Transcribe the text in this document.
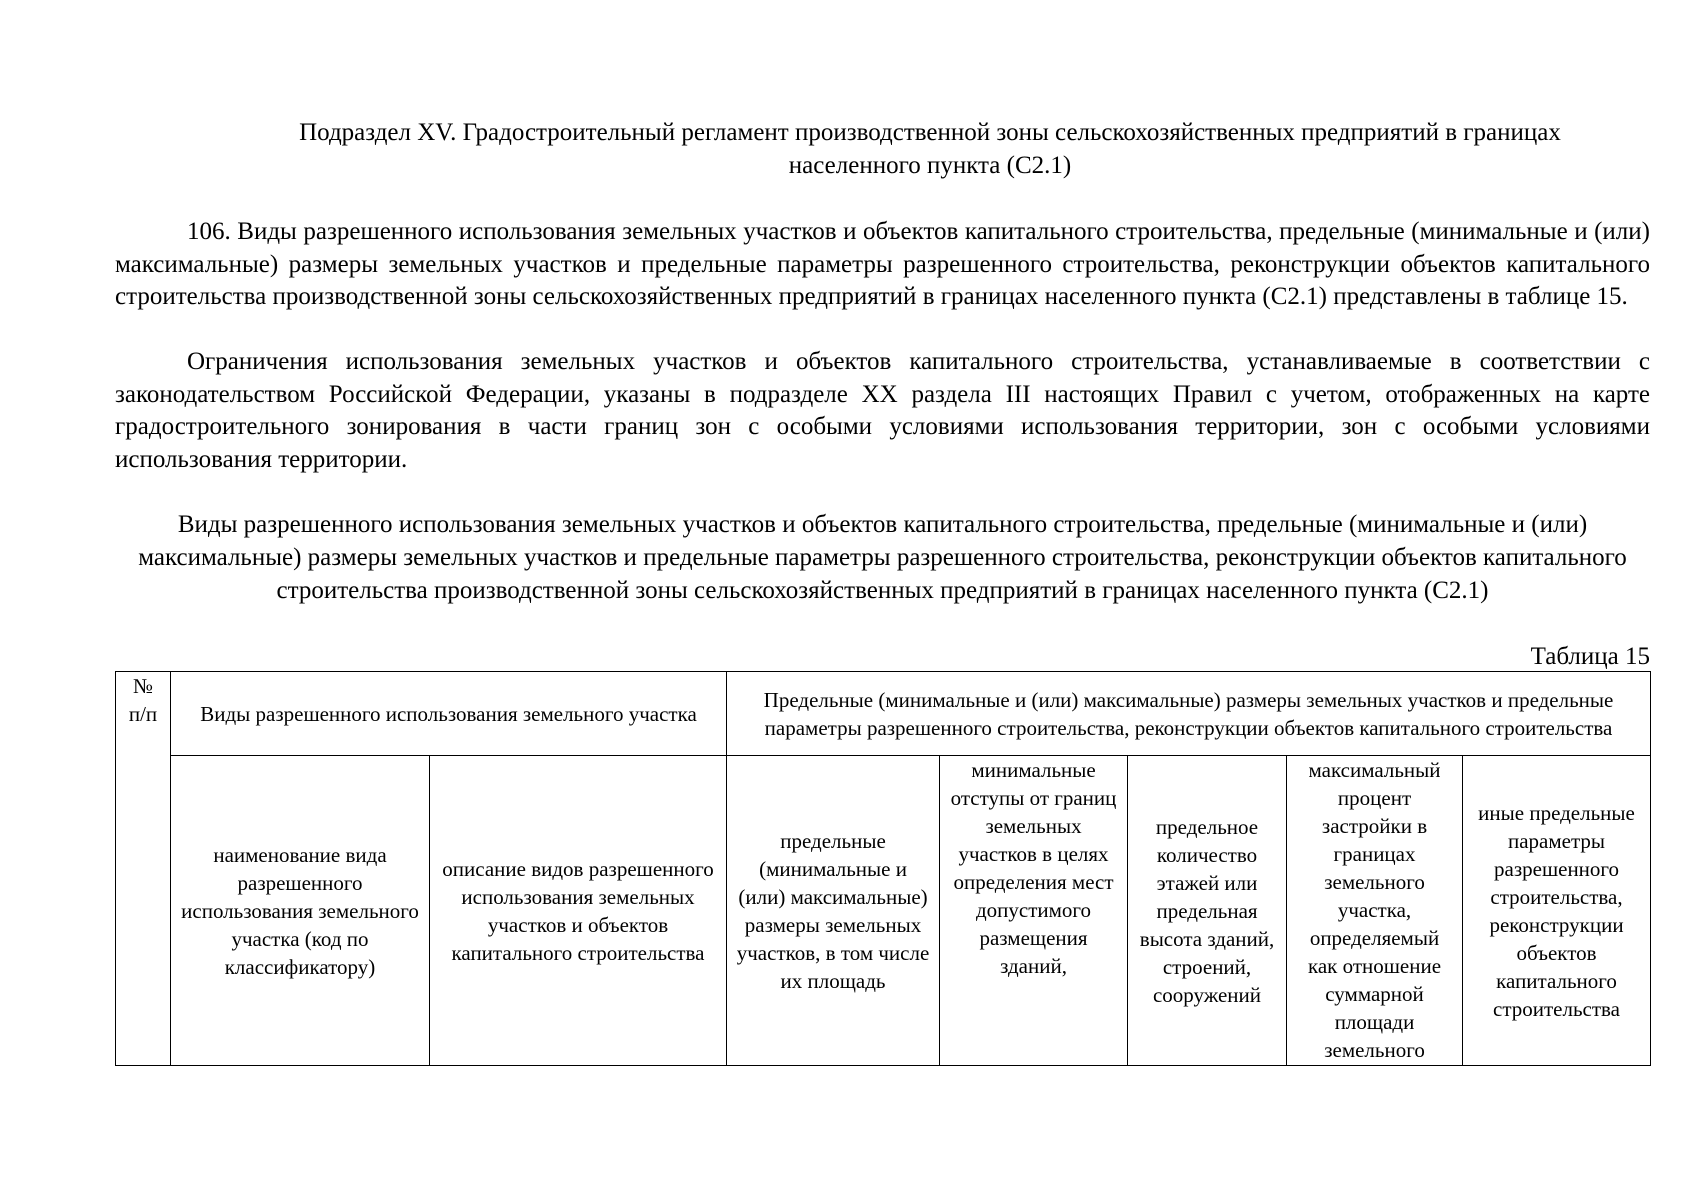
Подраздел XV. Градостроительный регламент производственной зоны сельскохозяйственных предприятий в границах
населенного пункта (С2.1)

106. Виды разрешенного использования земельных участков и объектов капитального строительства, предельные (минимальные и (или) максимальные) размеры земельных участков и предельные параметры разрешенного строительства, реконструкции объектов капитального строительства производственной зоны сельскохозяйственных предприятий в границах населенного пункта (С2.1) представлены в таблице 15.

Ограничения использования земельных участков и объектов капитального строительства, устанавливаемые в соответствии с законодательством Российской Федерации, указаны в подразделе XX раздела III настоящих Правил с учетом, отображенных на карте градостроительного зонирования в части границ зон с особыми условиями использования территории, зон с особыми условиями использования территории.

Виды разрешенного использования земельных участков и объектов капитального строительства, предельные (минимальные и (или) максимальные) размеры земельных участков и предельные параметры разрешенного строительства, реконструкции объектов капитального строительства производственной зоны сельскохозяйственных предприятий в границах населенного пункта (С2.1)

Таблица 15

№ п/п	Виды разрешенного использования земельного участка		Предельные (минимальные и (или) максимальные) размеры земельных участков и предельные параметры разрешенного строительства, реконструкции объектов капитального строительства				
	наименование вида разрешенного использования земельного участка (код по классификатору)	описание видов разрешенного использования земельных участков и объектов капитального строительства	предельные (минимальные и (или) максимальные) размеры земельных участков, в том числе их площадь	минимальные отступы от границ земельных участков в целях определения мест допустимого размещения зданий,	предельное количество этажей или предельная высота зданий, строений, сооружений	максимальный процент застройки в границах земельного участка, определяемый как отношение суммарной площади земельного	иные предельные параметры разрешенного строительства, реконструкции объектов капитального строительства
